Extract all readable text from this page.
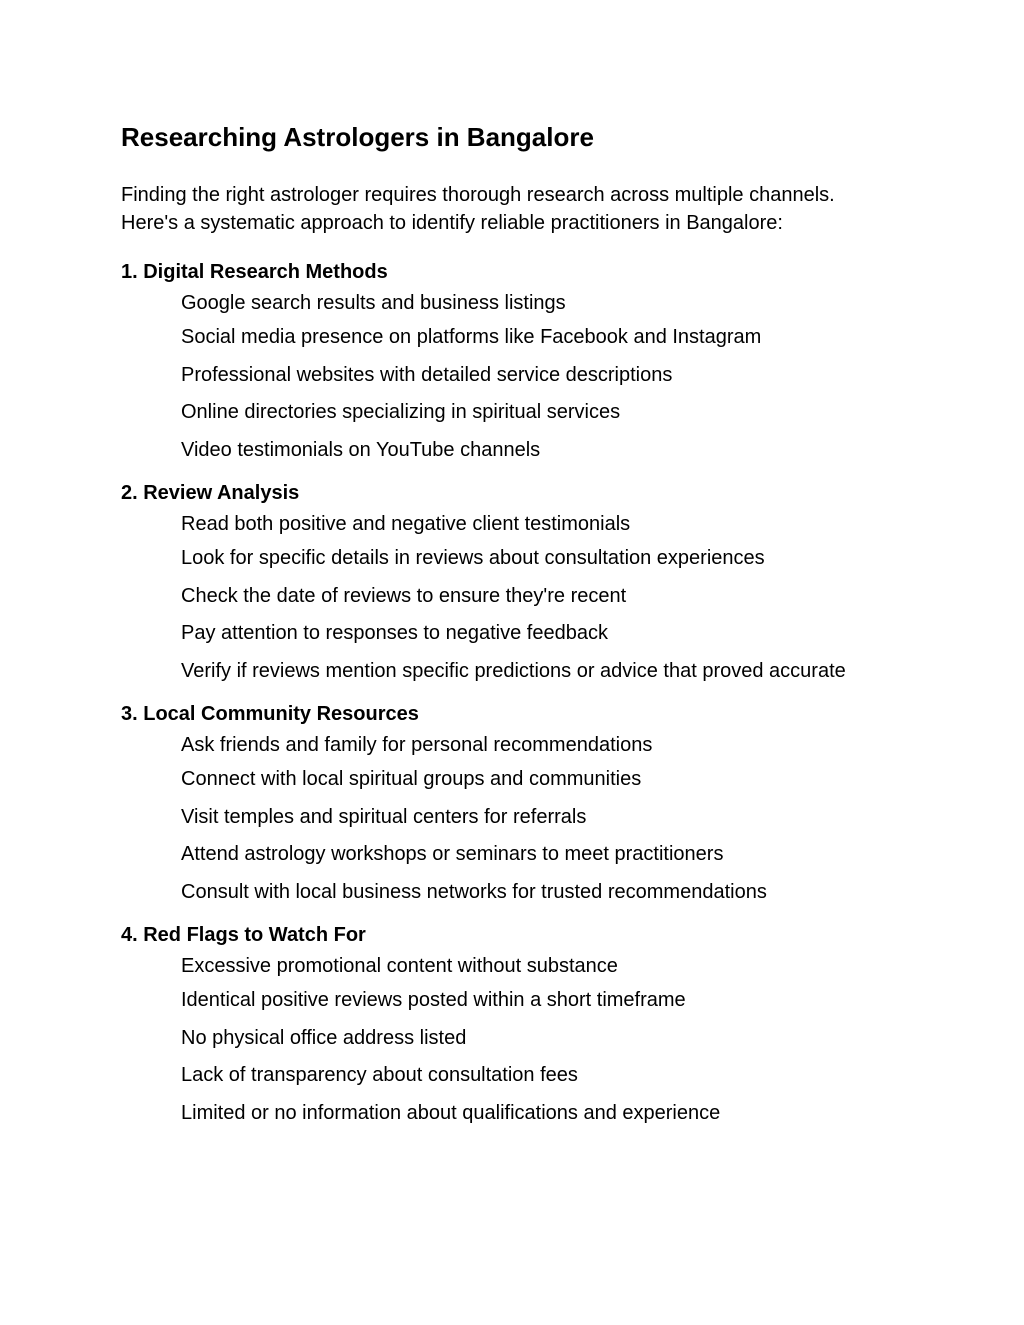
Researching Astrologers in Bangalore

Finding the right astrologer requires thorough research across multiple channels.
Here's a systematic approach to identify reliable practitioners in Bangalore:

1. Digital Research Methods
Google search results and business listings
Social media presence on platforms like Facebook and Instagram
Professional websites with detailed service descriptions
Online directories specializing in spiritual services
Video testimonials on YouTube channels
2. Review Analysis
Read both positive and negative client testimonials
Look for specific details in reviews about consultation experiences
Check the date of reviews to ensure they're recent
Pay attention to responses to negative feedback
Verify if reviews mention specific predictions or advice that proved accurate
3. Local Community Resources
Ask friends and family for personal recommendations
Connect with local spiritual groups and communities
Visit temples and spiritual centers for referrals
Attend astrology workshops or seminars to meet practitioners
Consult with local business networks for trusted recommendations
4. Red Flags to Watch For
Excessive promotional content without substance
Identical positive reviews posted within a short timeframe
No physical office address listed
Lack of transparency about consultation fees
Limited or no information about qualifications and experience
